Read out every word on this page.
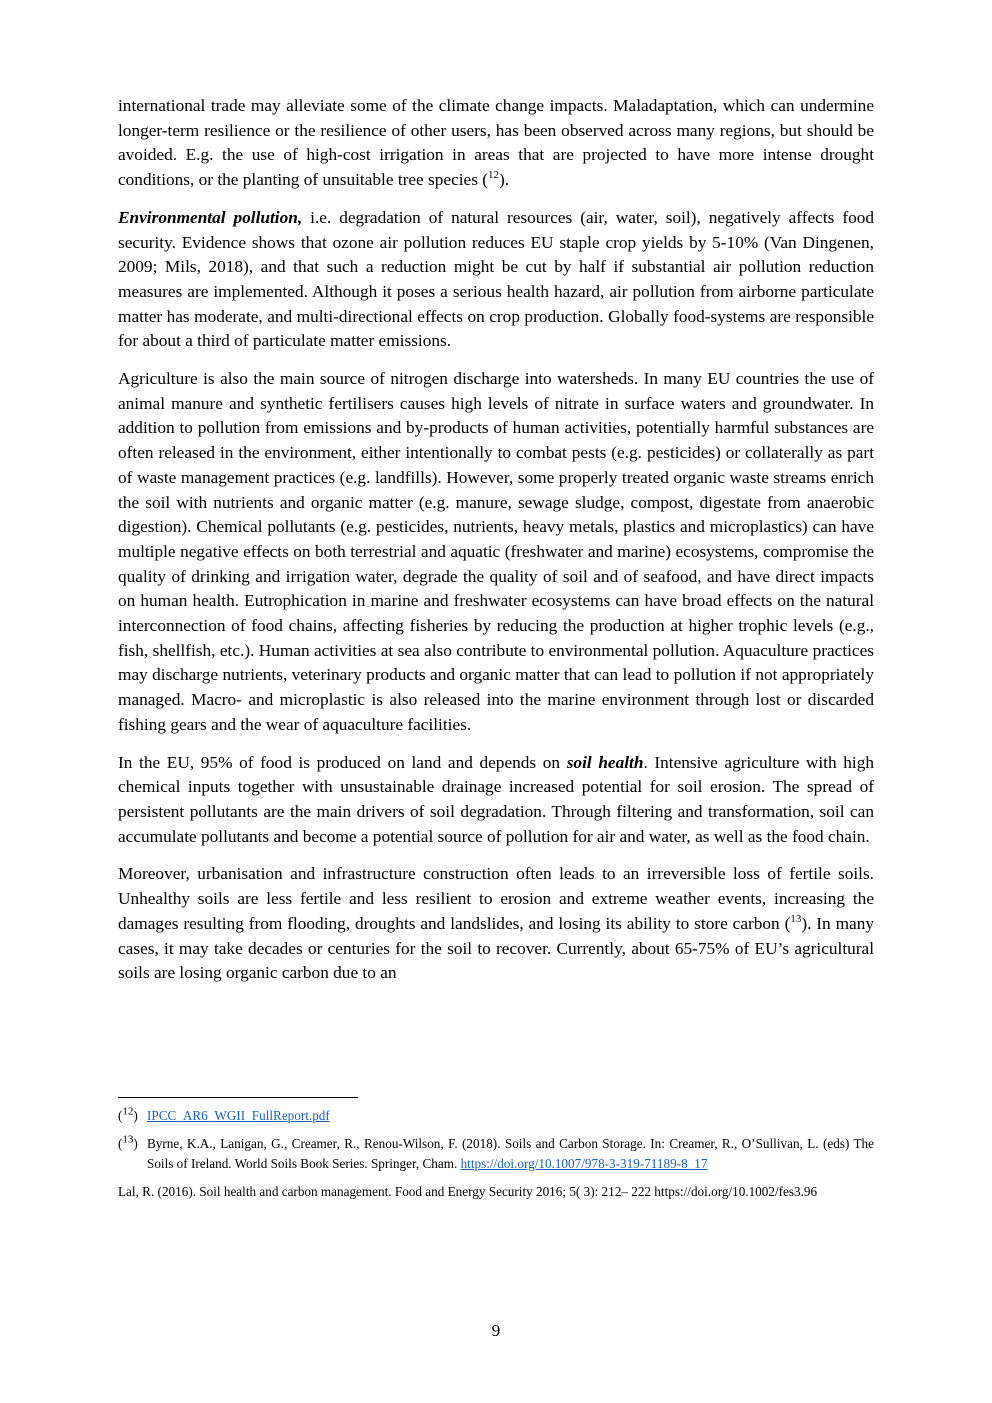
international trade may alleviate some of the climate change impacts. Maladaptation, which can undermine longer-term resilience or the resilience of other users, has been observed across many regions, but should be avoided. E.g. the use of high-cost irrigation in areas that are projected to have more intense drought conditions, or the planting of unsuitable tree species ($^{12}$).

Environmental pollution, i.e. degradation of natural resources (air, water, soil), negatively affects food security. Evidence shows that ozone air pollution reduces EU staple crop yields by 5-10% (Van Dingenen, 2009; Mils, 2018), and that such a reduction might be cut by half if substantial air pollution reduction measures are implemented. Although it poses a serious health hazard, air pollution from airborne particulate matter has moderate, and multi-directional effects on crop production. Globally food-systems are responsible for about a third of particulate matter emissions.

Agriculture is also the main source of nitrogen discharge into watersheds. In many EU countries the use of animal manure and synthetic fertilisers causes high levels of nitrate in surface waters and groundwater. In addition to pollution from emissions and by-products of human activities, potentially harmful substances are often released in the environment, either intentionally to combat pests (e.g. pesticides) or collaterally as part of waste management practices (e.g. landfills). However, some properly treated organic waste streams enrich the soil with nutrients and organic matter (e.g. manure, sewage sludge, compost, digestate from anaerobic digestion). Chemical pollutants (e.g. pesticides, nutrients, heavy metals, plastics and microplastics) can have multiple negative effects on both terrestrial and aquatic (freshwater and marine) ecosystems, compromise the quality of drinking and irrigation water, degrade the quality of soil and of seafood, and have direct impacts on human health. Eutrophication in marine and freshwater ecosystems can have broad effects on the natural interconnection of food chains, affecting fisheries by reducing the production at higher trophic levels (e.g., fish, shellfish, etc.). Human activities at sea also contribute to environmental pollution. Aquaculture practices may discharge nutrients, veterinary products and organic matter that can lead to pollution if not appropriately managed. Macro- and microplastic is also released into the marine environment through lost or discarded fishing gears and the wear of aquaculture facilities.

In the EU, 95% of food is produced on land and depends on soil health. Intensive agriculture with high chemical inputs together with unsustainable drainage increased potential for soil erosion. The spread of persistent pollutants are the main drivers of soil degradation. Through filtering and transformation, soil can accumulate pollutants and become a potential source of pollution for air and water, as well as the food chain.

Moreover, urbanisation and infrastructure construction often leads to an irreversible loss of fertile soils. Unhealthy soils are less fertile and less resilient to erosion and extreme weather events, increasing the damages resulting from flooding, droughts and landslides, and losing its ability to store carbon ($^{13}$). In many cases, it may take decades or centuries for the soil to recover. Currently, about 65-75% of EU’s agricultural soils are losing organic carbon due to an

($^{12}$) IPCC_AR6_WGII_FullReport.pdf
($^{13}$) Byrne, K.A., Lanigan, G., Creamer, R., Renou-Wilson, F. (2018). Soils and Carbon Storage. In: Creamer, R., O’Sullivan, L. (eds) The Soils of Ireland. World Soils Book Series. Springer, Cham. https://doi.org/10.1007/978-3-319-71189-8_17
Lal, R. (2016). Soil health and carbon management. Food and Energy Security 2016; 5( 3): 212– 222 https://doi.org/10.1002/fes3.96
9
